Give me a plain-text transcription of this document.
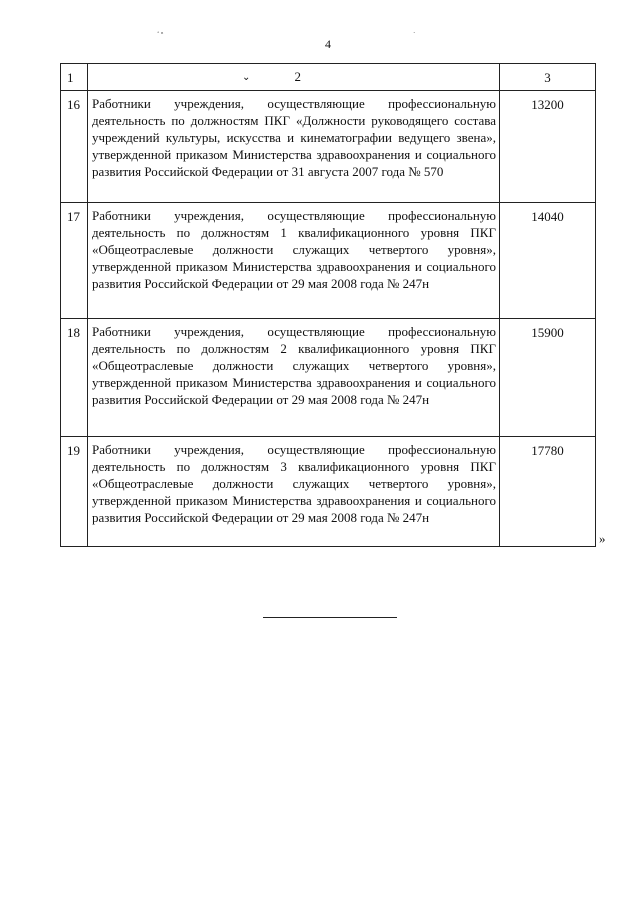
ʻ ⁿ	·
4
1	⌄ 2	3
16	Работники учреждения, осуществляющие профессиональную деятельность по должностям ПКГ «Должности руководящего состава учреждений культуры, искусства и кинематографии ведущего звена», утвержденной приказом Министерства здравоохранения и социального развития Российской Федерации от 31 августа 2007 года № 570	13200
17	Работники учреждения, осуществляющие профессиональную деятельность по должностям 1 квалификационного уровня ПКГ «Общеотраслевые должности служащих четвертого уровня», утвержденной приказом Министерства здравоохранения и социального развития Российской Федерации от 29 мая 2008 года № 247н	14040
18	Работники учреждения, осуществляющие профессиональную деятельность по должностям 2 квалификационного уровня ПКГ «Общеотраслевые должности служащих четвертого уровня», утвержденной приказом Министерства здравоохранения и социального развития Российской Федерации от 29 мая 2008 года № 247н	15900
19	Работники учреждения, осуществляющие профессиональную деятельность по должностям 3 квалификационного уровня ПКГ «Общеотраслевые должности служащих четвертого уровня», утвержденной приказом Министерства здравоохранения и социального развития Российской Федерации от 29 мая 2008 года № 247н	17780
»
